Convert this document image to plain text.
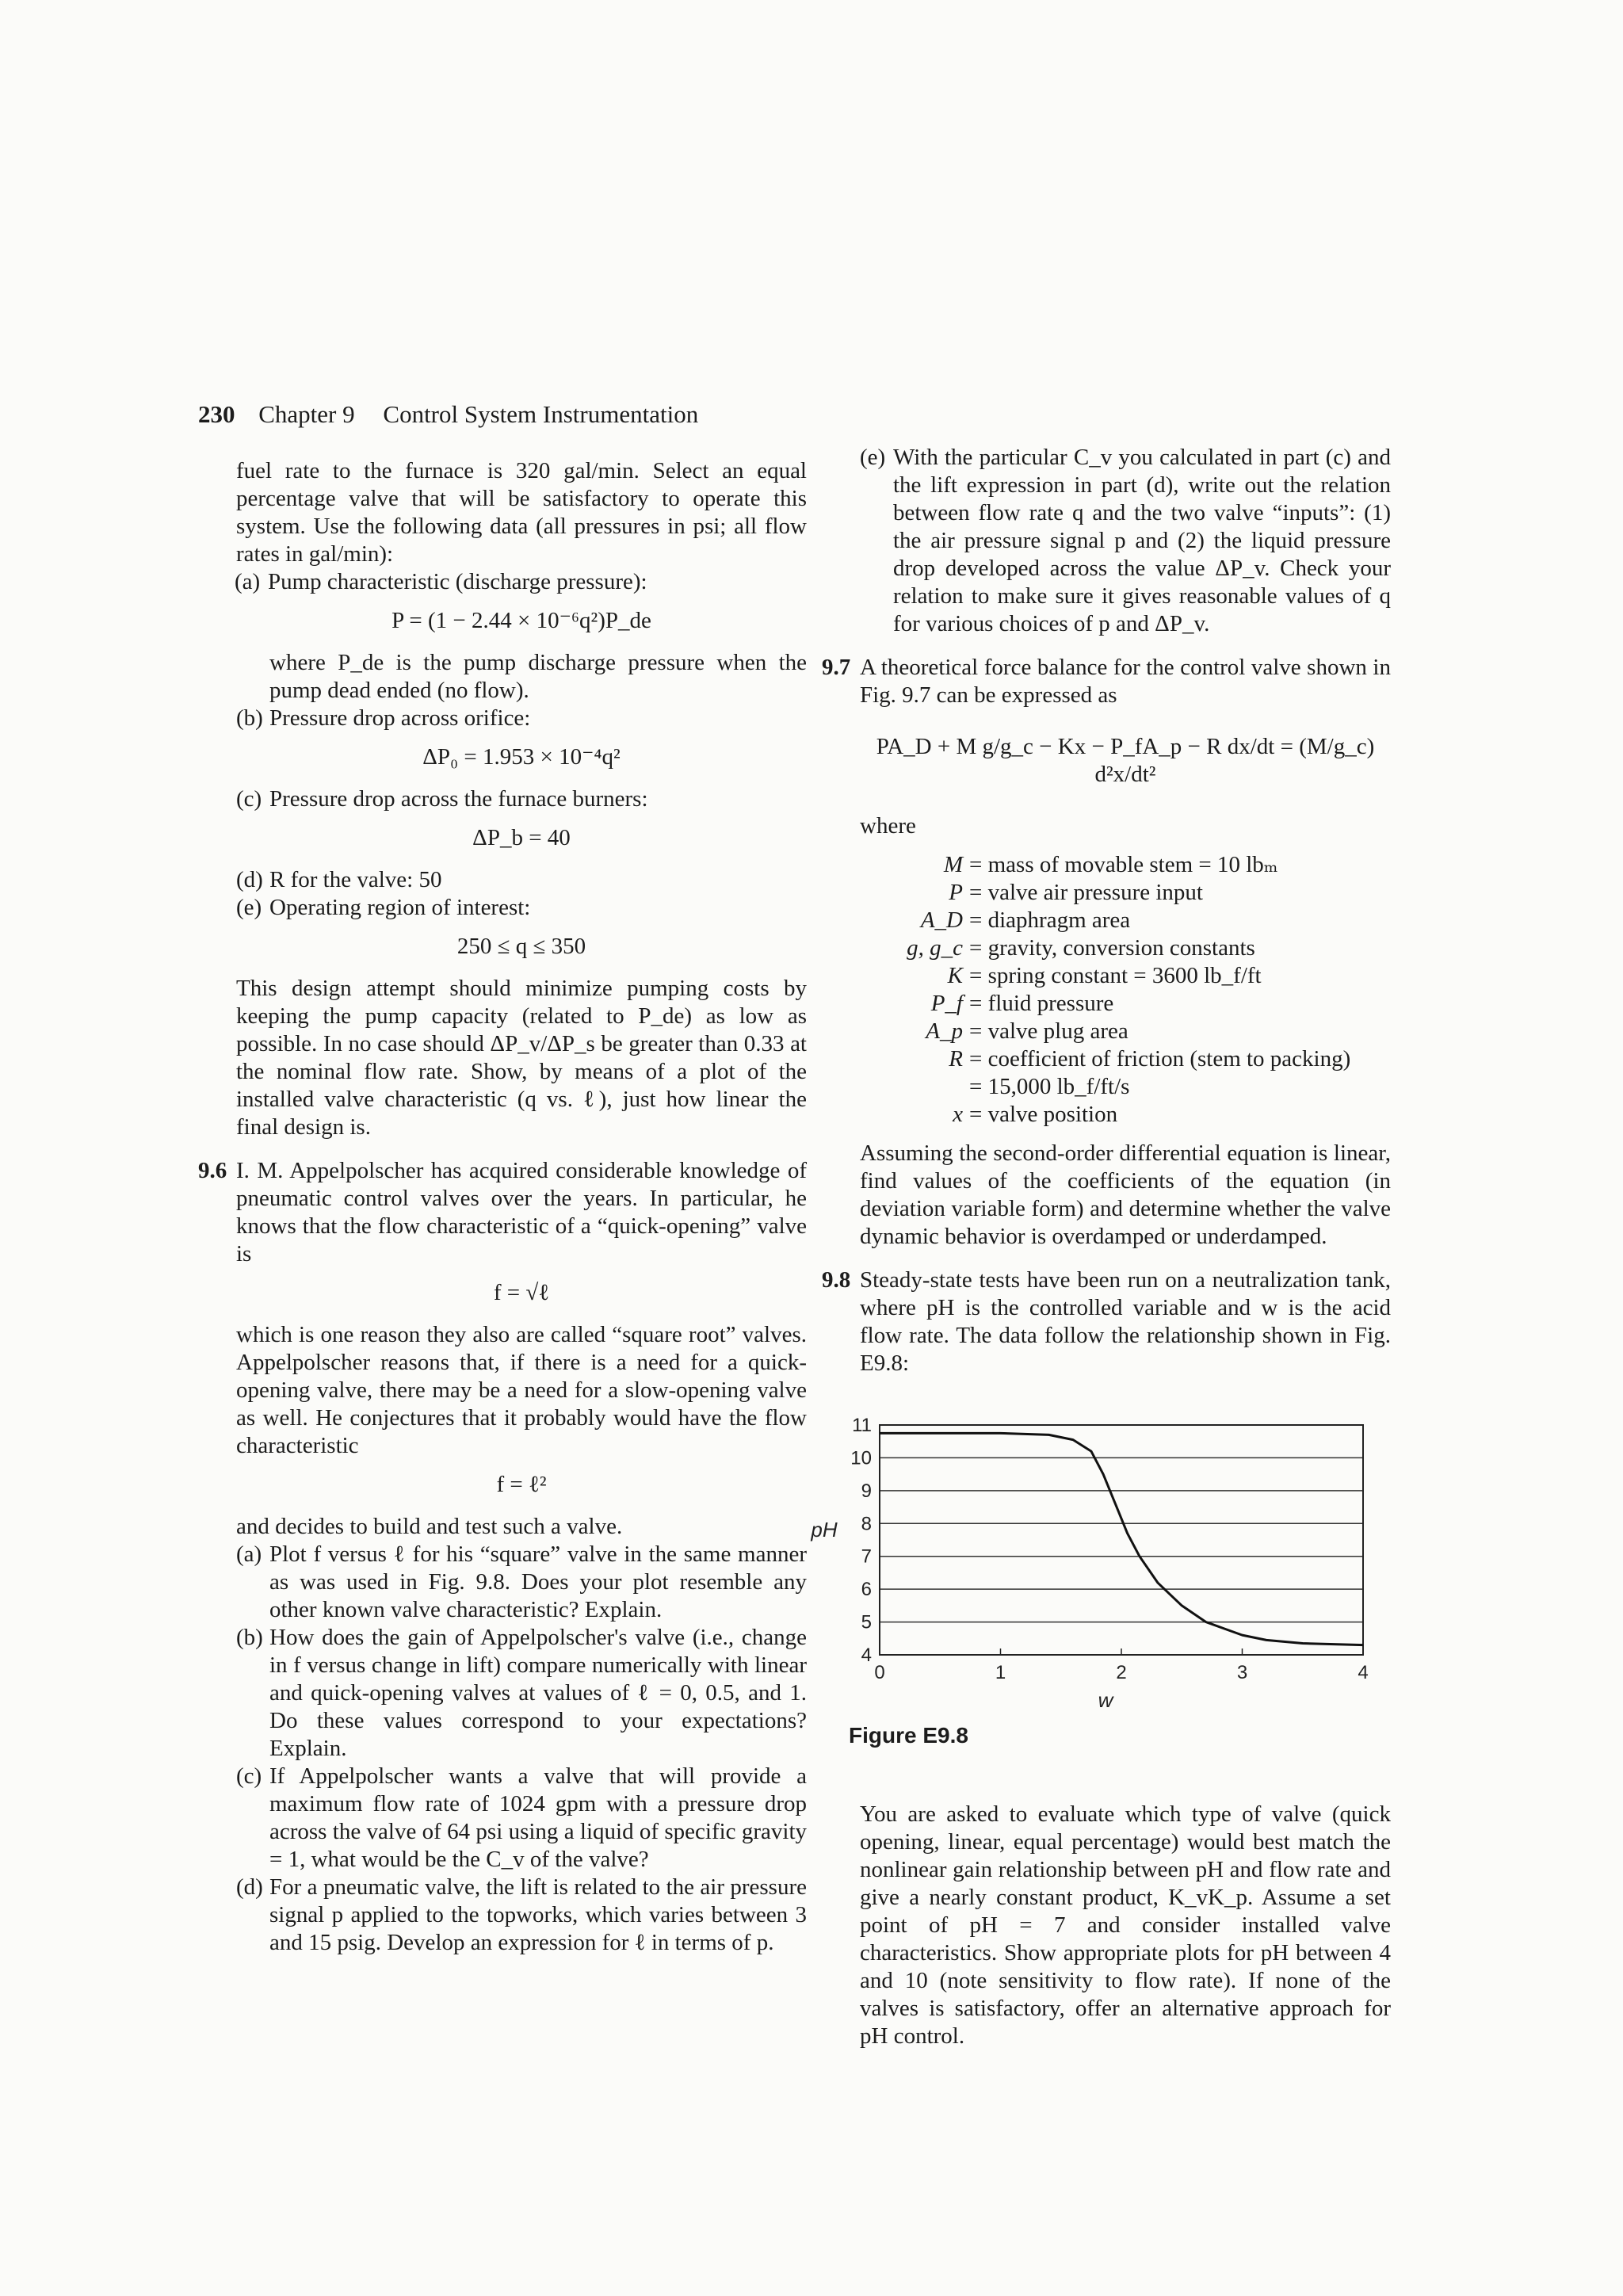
230 Chapter 9 Control System Instrumentation

fuel rate to the furnace is 320 gal/min. Select an equal percentage valve that will be satisfactory to operate this system. Use the following data (all pressures in psi; all flow rates in gal/min):

(a) Pump characteristic (discharge pressure):
P = (1 − 2.44 × 10⁻⁶q²)P_de

where P_de is the pump discharge pressure when the pump dead ended (no flow).

(b) Pressure drop across orifice:
ΔP₀ = 1.953 × 10⁻⁴q²
(c) Pressure drop across the furnace burners:
ΔP_b = 40
(d) R for the valve: 50
(e) Operating region of interest:
250 ≤ q ≤ 350

This design attempt should minimize pumping costs by keeping the pump capacity (related to P_de) as low as possible. In no case should ΔP_v/ΔP_s be greater than 0.33 at the nominal flow rate. Show, by means of a plot of the installed valve characteristic (q vs. ℓ), just how linear the final design is.

9.6 I. M. Appelpolscher has acquired considerable knowledge of pneumatic control valves over the years. In particular, he knows that the flow characteristic of a “quick-opening” valve is

f = √ℓ

which is one reason they also are called “square root” valves. Appelpolscher reasons that, if there is a need for a quick-opening valve, there may be a need for a slow-opening valve as well. He conjectures that it probably would have the flow characteristic

f = ℓ²

and decides to build and test such a valve.

(a) Plot f versus ℓ for his “square” valve in the same manner as was used in Fig. 9.8. Does your plot resemble any other known valve characteristic? Explain.
(b) How does the gain of Appelpolscher's valve (i.e., change in f versus change in lift) compare numerically with linear and quick-opening valves at values of ℓ = 0, 0.5, and 1. Do these values correspond to your expectations? Explain.
(c) If Appelpolscher wants a valve that will provide a maximum flow rate of 1024 gpm with a pressure drop across the valve of 64 psi using a liquid of specific gravity = 1, what would be the C_v of the valve?
(d) For a pneumatic valve, the lift is related to the air pressure signal p applied to the topworks, which varies between 3 and 15 psig. Develop an expression for ℓ in terms of p.
(e) With the particular C_v you calculated in part (c) and the lift expression in part (d), write out the relation between flow rate q and the two valve “inputs”: (1) the air pressure signal p and (2) the liquid pressure drop developed across the value ΔP_v. Check your relation to make sure it gives reasonable values of q for various choices of p and ΔP_v.
9.7 A theoretical force balance for the control valve shown in Fig. 9.7 can be expressed as

PA_D + M g/g_c − Kx − P_fA_p − R dx/dt = (M/g_c) d²x/dt²

where

M = mass of movable stem = 10 lbₘ
P = valve air pressure input
A_D = diaphragm area
g, g_c = gravity, conversion constants
K = spring constant = 3600 lb_f/ft
P_f = fluid pressure
A_p = valve plug area
R = coefficient of friction (stem to packing)
= 15,000 lb_f/ft/s
x = valve position

Assuming the second-order differential equation is linear, find values of the coefficients of the equation (in deviation variable form) and determine whether the valve dynamic behavior is overdamped or underdamped.

9.8 Steady-state tests have been run on a neutralization tank, where pH is the controlled variable and w is the acid flow rate. The data follow the relationship shown in Fig. E9.8:

0	1	2	3	4
4
5
6
7
8
9
10
11
w
pH
Figure E9.8

You are asked to evaluate which type of valve (quick opening, linear, equal percentage) would best match the nonlinear gain relationship between pH and flow rate and give a nearly constant product, K_vK_p. Assume a set point of pH = 7 and consider installed valve characteristics. Show appropriate plots for pH between 4 and 10 (note sensitivity to flow rate). If none of the valves is satisfactory, offer an alternative approach for pH control.
